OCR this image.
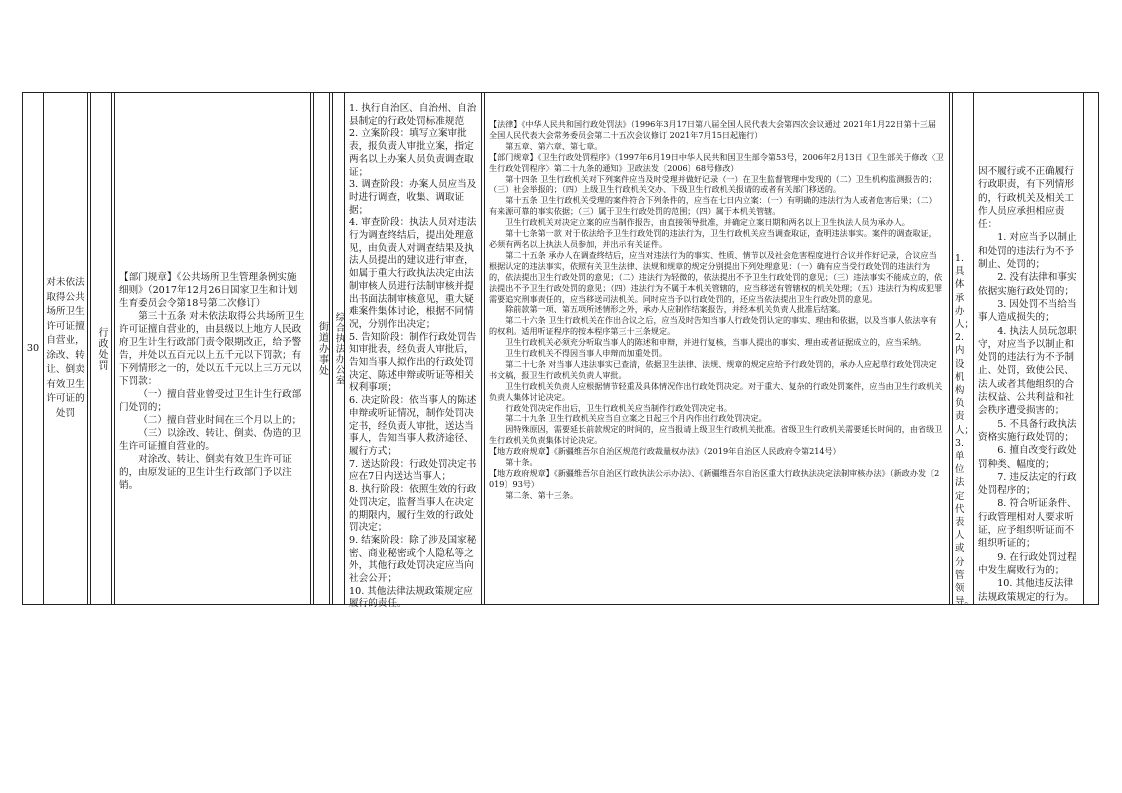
30
对未依法取得公共场所卫生许可证擅自营业，涂改、转让、倒卖有效卫生许可证的处罚
行政处罚

【部门规章】《公共场所卫生管理条例实施细则》（2017年12月26日国家卫生和计划生育委员会令第18号第二次修订）

第三十五条 对未依法取得公共场所卫生许可证擅自营业的，由县级以上地方人民政府卫生计生行政部门责令限期改正，给予警告，并处以五百元以上五千元以下罚款；有下列情形之一的，处以五千元以上三万元以下罚款：

（一）擅自营业曾受过卫生计生行政部门处罚的；

（二）擅自营业时间在三个月以上的；

（三）以涂改、转让、倒卖、伪造的卫生许可证擅自营业的。

对涂改、转让、倒卖有效卫生许可证的，由原发证的卫生计生行政部门予以注销。

街道办事处 综合执法办公室

1. 执行自治区、自治州、自治县制定的行政处罚标准规范

2. 立案阶段：填写立案审批表，报负责人审批立案，指定两名以上办案人员负责调查取证；

3. 调查阶段：办案人员应当及时进行调查，收集、调取证据；

4. 审查阶段：执法人员对违法行为调查终结后，提出处理意见，由负责人对调查结果及执法人员提出的建议进行审查，如属于重大行政执法决定由法制审核人员进行法制审核并提出书面法制审核意见，重大疑难案件集体讨论，根据不同情况，分别作出决定；

5. 告知阶段：制作行政处罚告知审批表，经负责人审批后，告知当事人拟作出的行政处罚决定、陈述申辩或听证等相关权利事项；

6. 决定阶段：依当事人的陈述申辩或听证情况，制作处罚决定书，经负责人审批，送达当事人，告知当事人救济途径、履行方式；

7. 送达阶段：行政处罚决定书应在7日内送达当事人；

8. 执行阶段：依照生效的行政处罚决定，监督当事人在决定的期限内，履行生效的行政处罚决定；

9. 结案阶段：除了涉及国家秘密、商业秘密或个人隐私等之外，其他行政处罚决定应当向社会公开；

10. 其他法律法规政策规定应履行的责任。

【法律】《中华人民共和国行政处罚法》（1996年3月17日第八届全国人民代表大会第四次会议通过 2021年1月22日第十三届全国人民代表大会常务委员会第二十五次会议修订 2021年7月15日起施行）

第五章、第六章、第七章。

【部门规章】《卫生行政处罚程序》（1997年6月19日中华人民共和国卫生部令第53号，2006年2月13日《卫生部关于修改〈卫生行政处罚程序〉第二十九条的通知》卫政法发〔2006〕68号修改）

第十四条 卫生行政机关对下列案件应当及时受理并做好记录（一）在卫生监督管理中发现的（二）卫生机构监测报告的；（三）社会举报的；（四）上级卫生行政机关交办、下级卫生行政机关报请的或者有关部门移送的。

第十五条 卫生行政机关受理的案件符合下列条件的，应当在七日内立案：（一）有明确的违法行为人或者危害后果；（二）有来源可靠的事实依据；（三）属于卫生行政处罚的范围；（四）属于本机关管辖。

卫生行政机关对决定立案的应当制作报告，由直接领导批准，并确定立案日期和两名以上卫生执法人员为承办人。

第十七条第一款 对于依法给予卫生行政处罚的违法行为，卫生行政机关应当调查取证，查明违法事实。案件的调查取证，必须有两名以上执法人员参加，并出示有关证件。

第二十五条 承办人在调查终结后，应当对违法行为的事实、性质、情节以及社会危害程度进行合议并作好记录，合议应当根据认定的违法事实，依照有关卫生法律、法规和规章的规定分别提出下列处理意见：（一）确有应当受行政处罚的违法行为的，依法提出卫生行政处罚的意见；（二）违法行为轻微的，依法提出不予卫生行政处罚的意见；（三）违法事实不能成立的，依法提出不予卫生行政处罚的意见；（四）违法行为不属于本机关管辖的，应当移送有管辖权的机关处理；（五）违法行为构成犯罪需要追究刑事责任的，应当移送司法机关。同时应当予以行政处罚的，还应当依法提出卫生行政处罚的意见。

除前款第一项、第五项所述情形之外，承办人应制作结案报告，并经本机关负责人批准后结案。

第二十六条 卫生行政机关在作出合议之后，应当及时告知当事人行政处罚认定的事实、理由和依据，以及当事人依法享有的权利。适用听证程序的按本程序第三十三条规定。

卫生行政机关必须充分听取当事人的陈述和申辩，并进行复核，当事人提出的事实、理由或者证据成立的，应当采纳。

卫生行政机关不得因当事人申辩而加重处罚。

第二十七条 对当事人违法事实已查清，依据卫生法律、法规、规章的规定应给予行政处罚的，承办人应起草行政处罚决定书文稿，报卫生行政机关负责人审批。

卫生行政机关负责人应根据情节轻重及具体情况作出行政处罚决定。对于重大、复杂的行政处罚案件，应当由卫生行政机关负责人集体讨论决定。

行政处罚决定作出后，卫生行政机关应当制作行政处罚决定书。

第二十九条 卫生行政机关应当自立案之日起三个月内作出行政处罚决定。

因特殊原因，需要延长前款规定的时间的，应当报请上级卫生行政机关批准。省级卫生行政机关需要延长时间的，由省级卫生行政机关负责集体讨论决定。

【地方政府规章】《新疆维吾尔自治区规范行政裁量权办法》（2019年自治区人民政府令第214号）

第十条。

【地方政府规章】《新疆维吾尔自治区行政执法公示办法》、《新疆维吾尔自治区重大行政执法决定法制审核办法》（新政办发〔2019〕93号）

第二条、第十三条。

1. 具体承办人；

2. 内设机构负责人；

3. 单位法定代表人或分管领导。

因不履行或不正确履行行政职责，有下列情形的，行政机关及相关工作人员应承担相应责任：

1. 对应当予以制止和处罚的违法行为不予制止、处罚的；

2. 没有法律和事实依据实施行政处罚的；

3. 因处罚不当给当事人造成损失的；

4. 执法人员玩忽职守，对应当予以制止和处罚的违法行为不予制止、处罚，致使公民、法人或者其他组织的合法权益、公共利益和社会秩序遭受损害的；

5. 不具备行政执法资格实施行政处罚的；

6. 擅自改变行政处罚种类、幅度的；

7. 违反法定的行政处罚程序的；

8. 符合听证条件、行政管理相对人要求听证，应予组织听证而不组织听证的；

9. 在行政处罚过程中发生腐败行为的；

10. 其他违反法律法规政策规定的行为。
